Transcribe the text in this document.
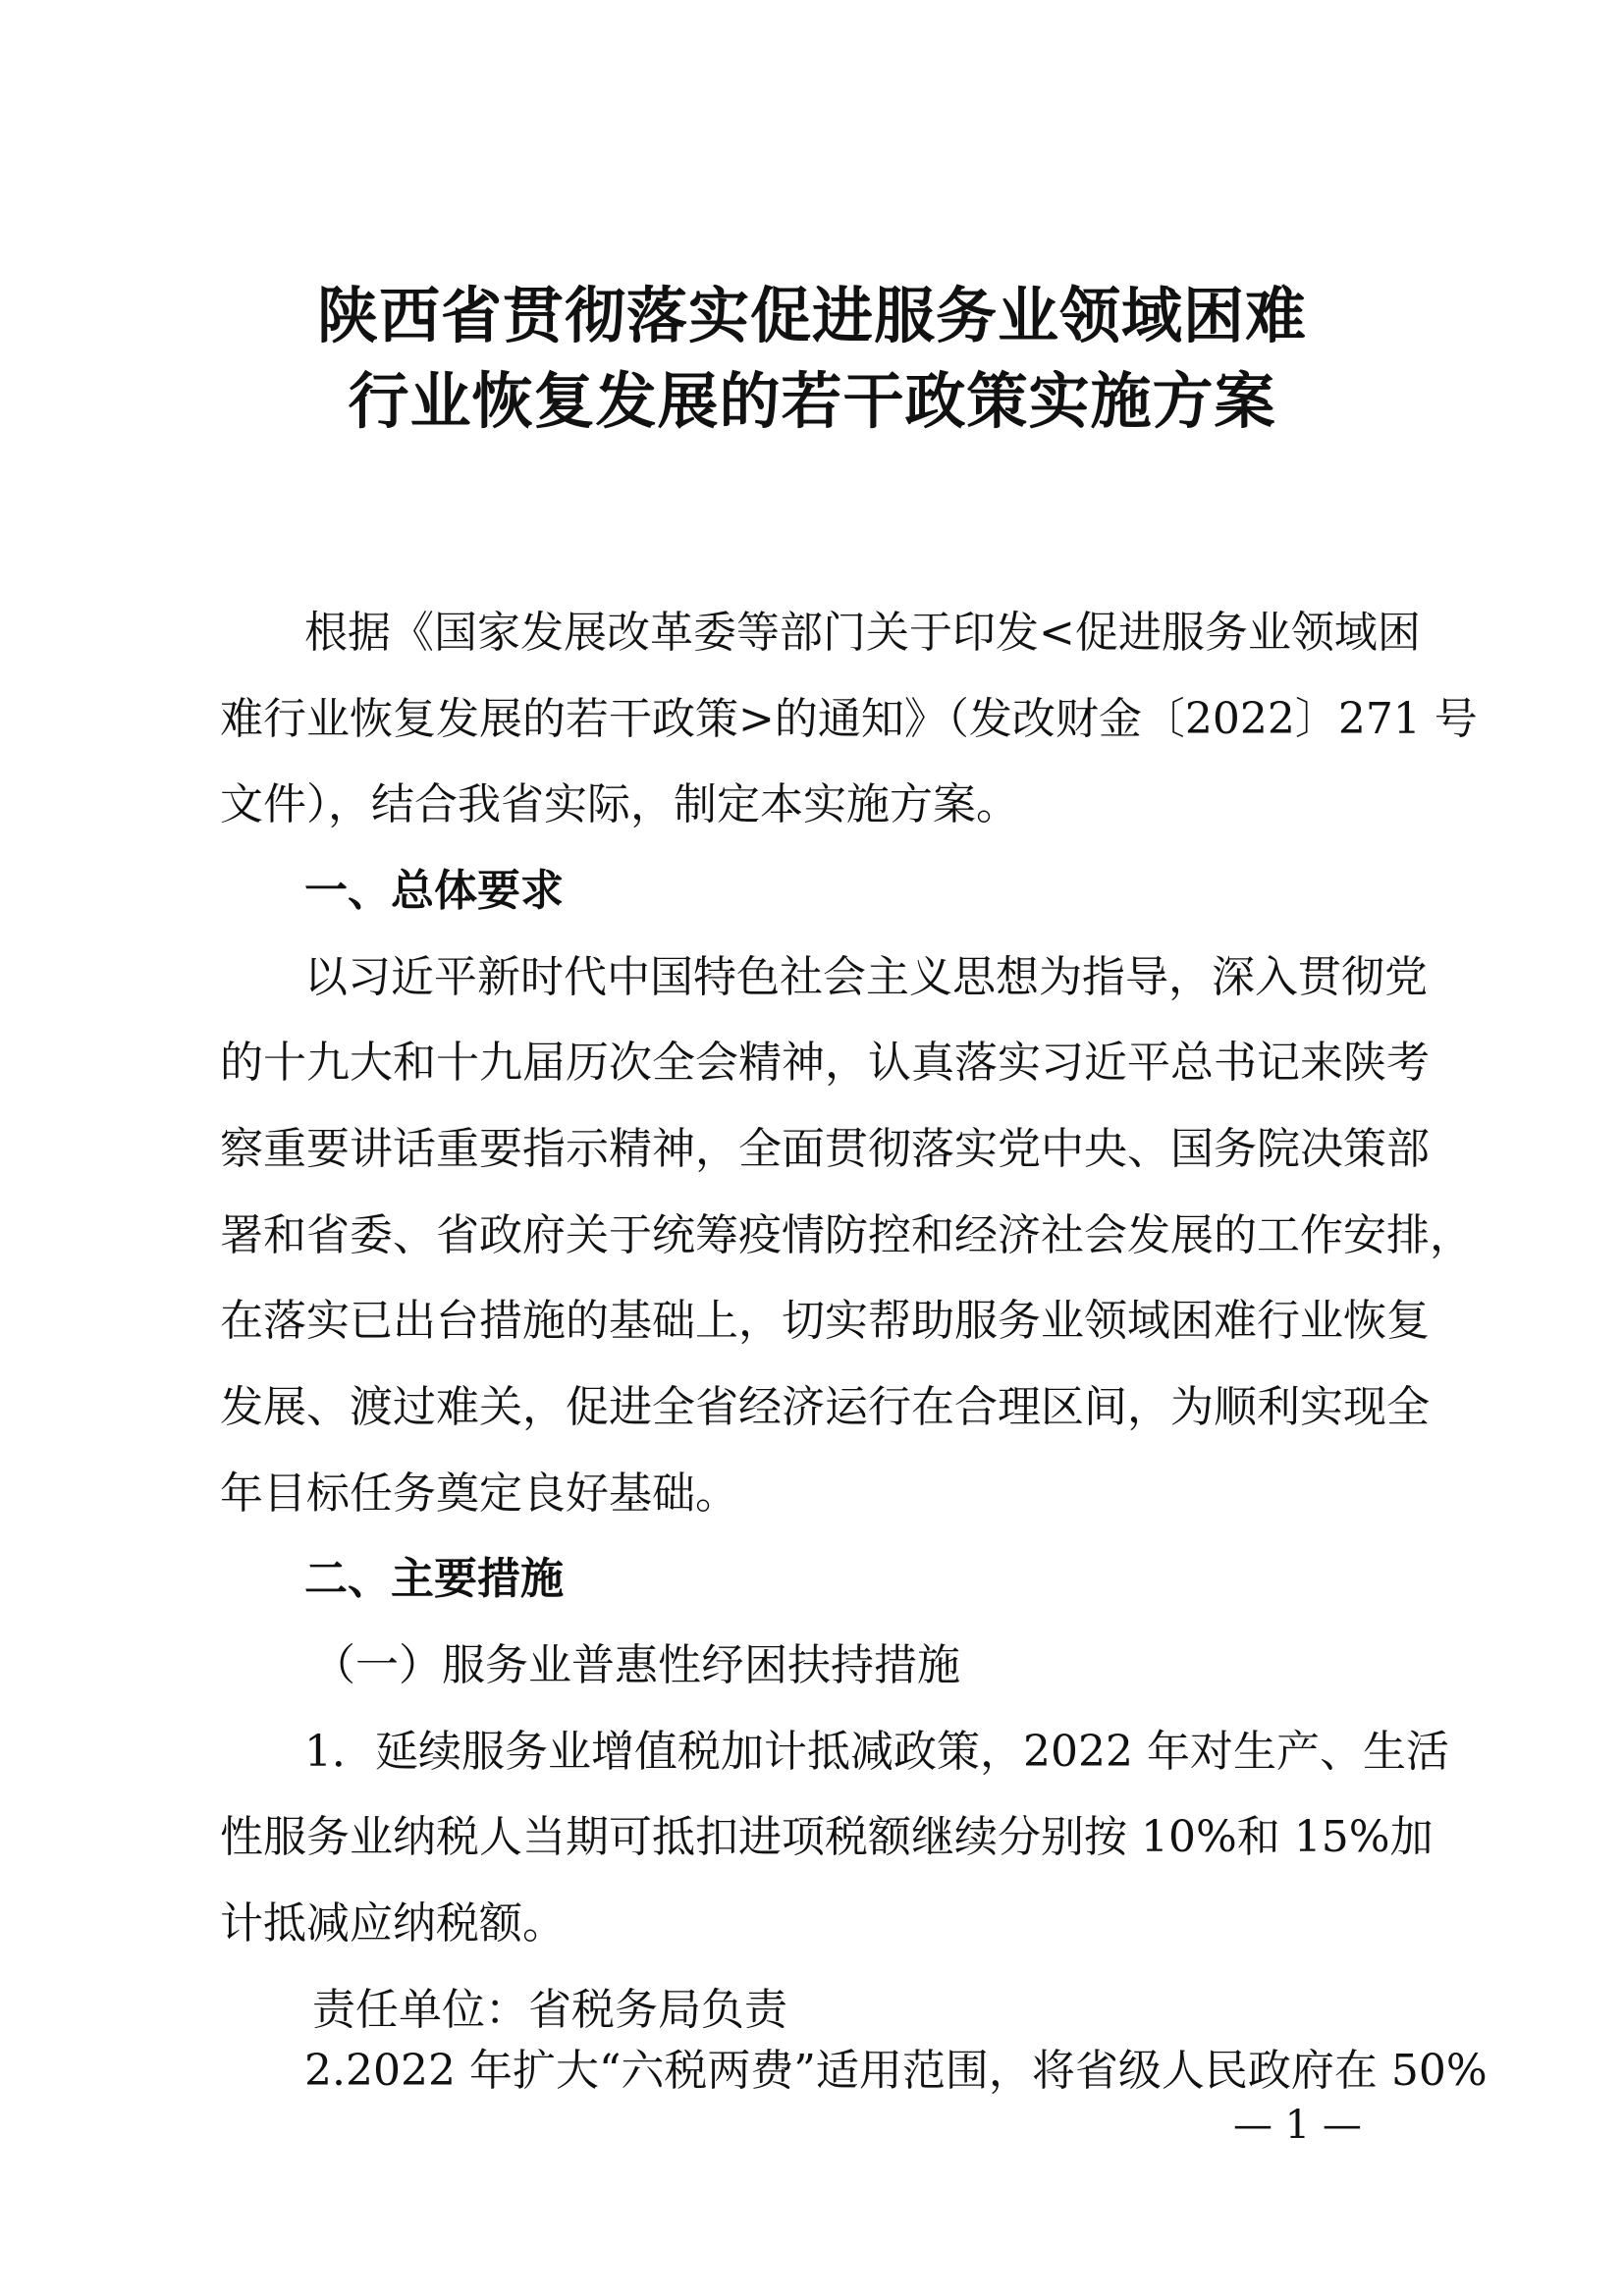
陕西省贯彻落实促进服务业领域困难
行业恢复发展的若干政策实施方案
根据《国家发展改革委等部门关于印发<促进服务业领域困
难行业恢复发展的若干政策>的通知》（发改财金〔2022〕271 号
文件），结合我省实际，制定本实施方案。
一、总体要求
以习近平新时代中国特色社会主义思想为指导，深入贯彻党
的十九大和十九届历次全会精神，认真落实习近平总书记来陕考
察重要讲话重要指示精神，全面贯彻落实党中央、国务院决策部
署和省委、省政府关于统筹疫情防控和经济社会发展的工作安排，
在落实已出台措施的基础上，切实帮助服务业领域困难行业恢复
发展、渡过难关，促进全省经济运行在合理区间，为顺利实现全
年目标任务奠定良好基础。
二、主要措施
（一）服务业普惠性纾困扶持措施
1．延续服务业增值税加计抵减政策，2022 年对生产、生活
性服务业纳税人当期可抵扣进项税额继续分别按 10%和 15%加
计抵减应纳税额。
责任单位：省税务局负责
2.2022 年扩大“六税两费”适用范围，将省级人民政府在 50%
— 1 —
